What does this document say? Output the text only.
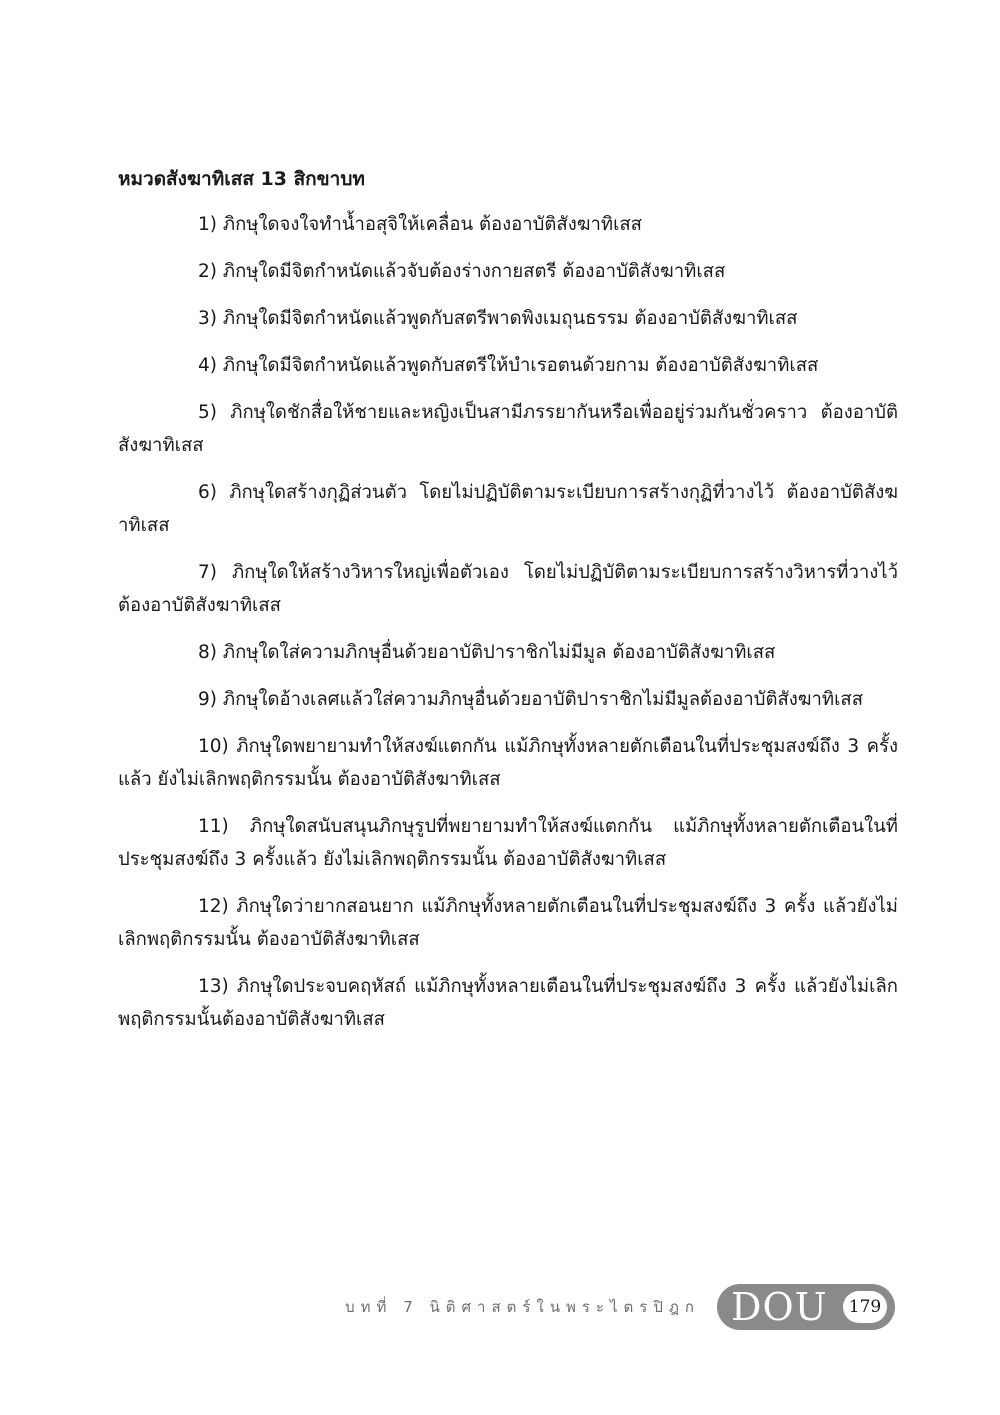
หมวดสังฆาทิเสส 13 สิกขาบท
1) ภิกษุใดจงใจทำน้ำอสุจิให้เคลื่อน ต้องอาบัติสังฆาทิเสส
2) ภิกษุใดมีจิตกำหนัดแล้วจับต้องร่างกายสตรี ต้องอาบัติสังฆาทิเสส
3) ภิกษุใดมีจิตกำหนัดแล้วพูดกับสตรีพาดพิงเมถุนธรรม ต้องอาบัติสังฆาทิเสส
4) ภิกษุใดมีจิตกำหนัดแล้วพูดกับสตรีให้บำเรอตนด้วยกาม ต้องอาบัติสังฆาทิเสส
5) ภิกษุใดชักสื่อให้ชายและหญิงเป็นสามีภรรยากันหรือเพื่ออยู่ร่วมกันชั่วคราว ต้องอาบัติสังฆาทิเสส
6) ภิกษุใดสร้างกุฏิส่วนตัว โดยไม่ปฏิบัติตามระเบียบการสร้างกุฏิที่วางไว้ ต้องอาบัติสังฆาทิเสส
7) ภิกษุใดให้สร้างวิหารใหญ่เพื่อตัวเอง โดยไม่ปฏิบัติตามระเบียบการสร้างวิหารที่วางไว้ ต้องอาบัติสังฆาทิเสส
8) ภิกษุใดใส่ความภิกษุอื่นด้วยอาบัติปาราชิกไม่มีมูล ต้องอาบัติสังฆาทิเสส
9) ภิกษุใดอ้างเลศแล้วใส่ความภิกษุอื่นด้วยอาบัติปาราชิกไม่มีมูลต้องอาบัติสังฆาทิเสส
10) ภิกษุใดพยายามทำให้สงฆ์แตกกัน แม้ภิกษุทั้งหลายตักเตือนในที่ประชุมสงฆ์ถึง 3 ครั้งแล้ว ยังไม่เลิกพฤติกรรมนั้น ต้องอาบัติสังฆาทิเสส
11) ภิกษุใดสนับสนุนภิกษุรูปที่พยายามทำให้สงฆ์แตกกัน แม้ภิกษุทั้งหลายตักเตือนในที่ประชุมสงฆ์ถึง 3 ครั้งแล้ว ยังไม่เลิกพฤติกรรมนั้น ต้องอาบัติสังฆาทิเสส
12) ภิกษุใดว่ายากสอนยาก แม้ภิกษุทั้งหลายตักเตือนในที่ประชุมสงฆ์ถึง 3 ครั้ง แล้วยังไม่เลิกพฤติกรรมนั้น ต้องอาบัติสังฆาทิเสส
13) ภิกษุใดประจบคฤหัสถ์ แม้ภิกษุทั้งหลายเตือนในที่ประชุมสงฆ์ถึง 3 ครั้ง แล้วยังไม่เลิกพฤติกรรมนั้นต้องอาบัติสังฆาทิเสส
บทที่ 7 นิติศาสตร์ในพระไตรปิฎก DOU	179
